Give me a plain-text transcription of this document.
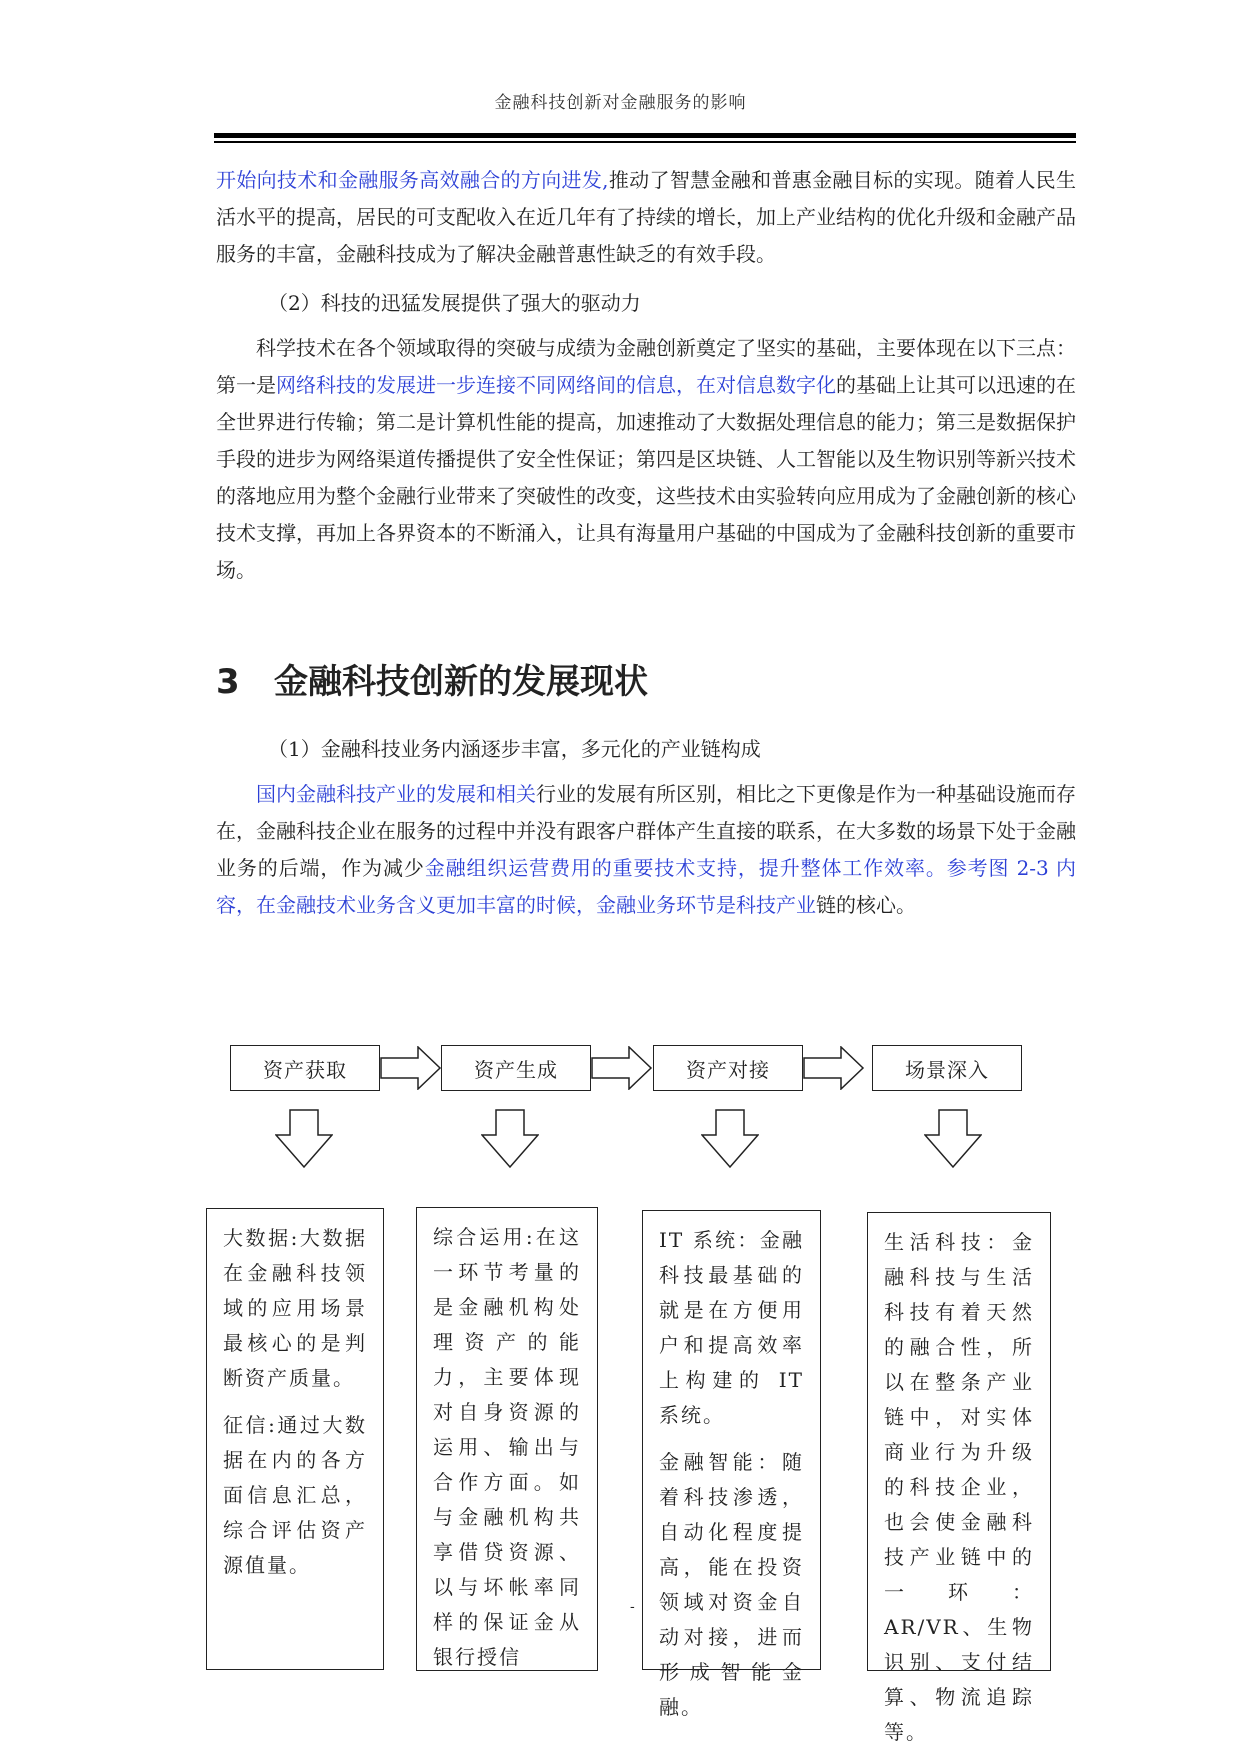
金融科技创新对金融服务的影响

开始向技术和金融服务高效融合的方向进发,推动了智慧金融和普惠金融目标的实现。随着人民生活水平的提高，居民的可支配收入在近几年有了持续的增长，加上产业结构的优化升级和金融产品服务的丰富，金融科技成为了解决金融普惠性缺乏的有效手段。

（2）科技的迅猛发展提供了强大的驱动力

科学技术在各个领域取得的突破与成绩为金融创新奠定了坚实的基础，主要体现在以下三点：第一是网络科技的发展进一步连接不同网络间的信息，在对信息数字化的基础上让其可以迅速的在全世界进行传输；第二是计算机性能的提高，加速推动了大数据处理信息的能力；第三是数据保护手段的进步为网络渠道传播提供了安全性保证；第四是区块链、人工智能以及生物识别等新兴技术的落地应用为整个金融行业带来了突破性的改变，这些技术由实验转向应用成为了金融创新的核心技术支撑，再加上各界资本的不断涌入，让具有海量用户基础的中国成为了金融科技创新的重要市场。

3 金融科技创新的发展现状

（1）金融科技业务内涵逐步丰富，多元化的产业链构成

国内金融科技产业的发展和相关行业的发展有所区别，相比之下更像是作为一种基础设施而存在，金融科技企业在服务的过程中并没有跟客户群体产生直接的联系，在大多数的场景下处于金融业务的后端，作为减少金融组织运营费用的重要技术支持，提升整体工作效率。参考图 2-3 内容，在金融技术业务含义更加丰富的时候，金融业务环节是科技产业链的核心。

资产获取	资产生成	资产对接	场景深入

大数据:大数据在金融科技领域的应用场景最核心的是判断资产质量。

征信:通过大数据在内的各方面信息汇总，综合评估资产源值量。

综合运用:在这一环节考量的是金融机构处理资产的能力，主要体现对自身资源的运用、输出与合作方面。如与金融机构共享借贷资源、以与坏帐率同样的保证金从银行授信

IT 系统：金融科技最基础的就是在方便用户和提高效率上构建的 IT 系统。

金融智能：随着科技渗透，自动化程度提高，能在投资领域对资金自动对接，进而形成智能金融。

生活科技：金融科技与生活科技有着天然的融合性，所以在整条产业链中，对实体商业行为升级的科技企业，也会使金融科技产业链中的一环：AR/VR、生物识别、支付结算、物流追踪等。

-
